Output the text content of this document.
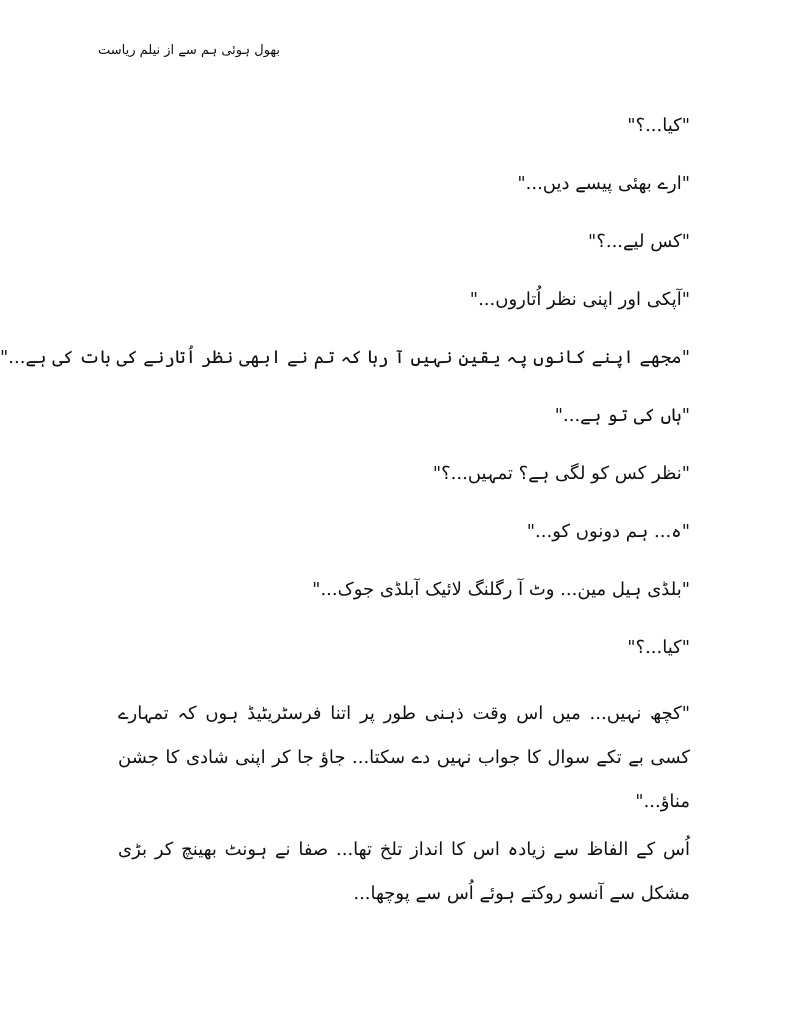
بھول ہوئی ہم سے از نیلم ریاست

"کیا...؟"

"ارے بھئی پیسے دیں..."

"کس لیے...؟"

"آپکی اور اپنی نظر اُتاروں..."

"مجھے اپنے کانوں پہ یقین نہیں آ رہا کہ تم نے ابھی نظر اُتارنے کی بات کی ہے..."

"ہاں کی تو ہے..."

"نظر کس کو لگی ہے؟ تمہیں...؟"

"ہ... ہم دونوں کو..."

"بلڈی ہیل مین... وٹ آ رگلنگ لائیک آبلڈی جوک..."

"کیا...؟"

"کچھ نہیں... میں اس وقت ذہنی طور پر اتنا فرسٹریٹیڈ ہوں کہ تمہارے کسی بے تکے سوال کا جواب نہیں دے سکتا... جاؤ جا کر اپنی شادی کا جشن مناؤ..."

اُس کے الفاظ سے زیادہ اس کا انداز تلخ تھا... صفا نے ہونٹ بھینچ کر بڑی مشکل سے آنسو روکتے ہوئے اُس سے پوچھا...
